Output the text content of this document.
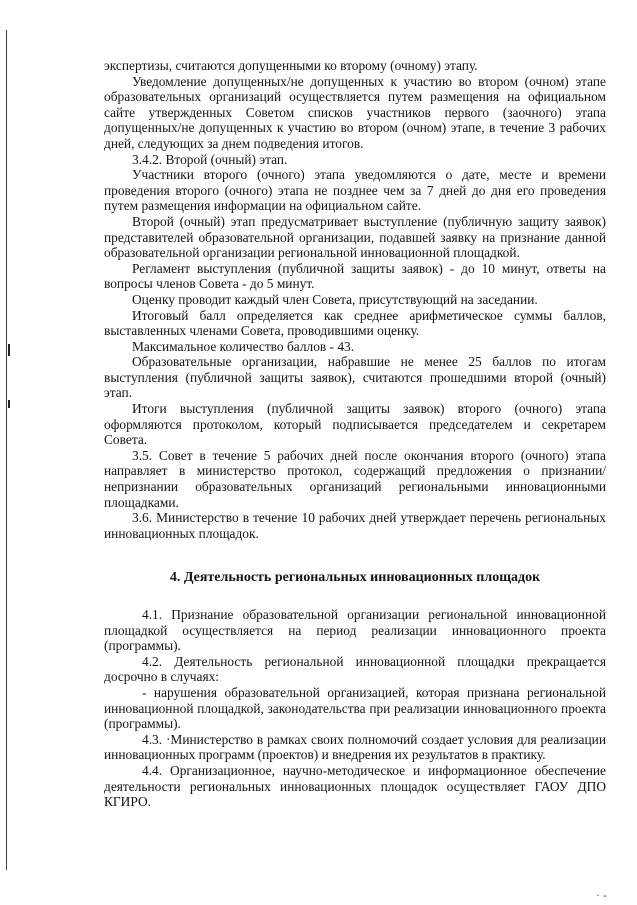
экспертизы, считаются допущенными ко второму (очному) этапу.

Уведомление допущенных/не допущенных к участию во втором (очном) этапе образовательных организаций осуществляется путем размещения на официальном сайте утвержденных Советом списков участников первого (заочного) этапа допущенных/не допущенных к участию во втором (очном) этапе, в течение 3 рабочих дней, следующих за днем подведения итогов.

3.4.2. Второй (очный) этап.

Участники второго (очного) этапа уведомляются о дате, месте и времени проведения второго (очного) этапа не позднее чем за 7 дней до дня его проведения путем размещения информации на официальном сайте.

Второй (очный) этап предусматривает выступление (публичную защиту заявок) представителей образовательной организации, подавшей заявку на признание данной образовательной организации региональной инновационной площадкой.

Регламент выступления (публичной защиты заявок) - до 10 минут, ответы на вопросы членов Совета - до 5 минут.

Оценку проводит каждый член Совета, присутствующий на заседании.

Итоговый балл определяется как среднее арифметическое суммы баллов, выставленных членами Совета, проводившими оценку.

Максимальное количество баллов - 43.

Образовательные организации, набравшие не менее 25 баллов по итогам выступления (публичной защиты заявок), считаются прошедшими второй (очный) этап.

Итоги выступления (публичной защиты заявок) второго (очного) этапа оформляются протоколом, который подписывается председателем и секретарем Совета.

3.5. Совет в течение 5 рабочих дней после окончания второго (очного) этапа направляет в министерство протокол, содержащий предложения о признании/непризнании образовательных организаций региональными инновационными площадками.

3.6. Министерство в течение 10 рабочих дней утверждает перечень региональных инновационных площадок.

4. Деятельность региональных инновационных площадок

4.1. Признание образовательной организации региональной инновационной площадкой осуществляется на период реализации инновационного проекта (программы).

4.2. Деятельность региональной инновационной площадки прекращается досрочно в случаях:

- нарушения образовательной организацией, которая признана региональной инновационной площадкой, законодательства при реализации инновационного проекта (программы).

4.3. ·Министерство в рамках своих полномочий создает условия для реализации инновационных программ (проектов) и внедрения их результатов в практику.

4.4. Организационное, научно-методическое и информационное обеспечение деятельности региональных инновационных площадок осуществляет ГАОУ ДПО КГИРО.

· -
